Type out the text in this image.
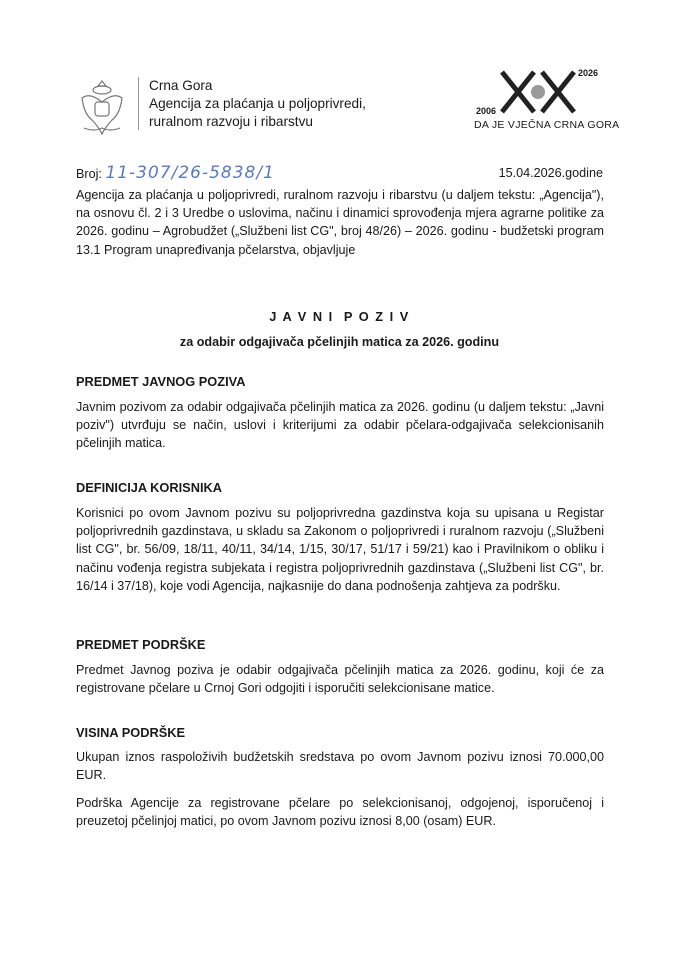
Crna Gora
Agencija za plaćanja u poljoprivredi,
ruralnom razvoju i ribarstvu
2026
2006
DA JE VJEČNA CRNA GORA
Broj: 11-307/26-5838/1	15.04.2026.godine
Agencija za plaćanja u poljoprivredi, ruralnom razvoju i ribarstvu (u daljem tekstu: „Agencija"), na osnovu čl. 2 i 3 Uredbe o uslovima, načinu i dinamici sprovođenja mjera agrarne politike za 2026. godinu – Agrobudžet („Službeni list CG", broj 48/26) – 2026. godinu - budžetski program 13.1 Program unapređivanja pčelarstva, objavljuje
J A V N I  P O Z I V
za odabir odgajivača pčelinjih matica za 2026. godinu
PREDMET JAVNOG POZIVA
Javnim pozivom za odabir odgajivača pčelinjih matica za 2026. godinu (u daljem tekstu: „Javni poziv") utvrđuju se način, uslovi i kriterijumi za odabir pčelara-odgajivača selekcionisanih pčelinjih matica.
DEFINICIJA KORISNIKA
Korisnici po ovom Javnom pozivu su poljoprivredna gazdinstva koja su upisana u Registar poljoprivrednih gazdinstava, u skladu sa Zakonom o poljoprivredi i ruralnom razvoju („Službeni list CG", br. 56/09, 18/11, 40/11, 34/14, 1/15, 30/17, 51/17 i 59/21) kao i Pravilnikom o obliku i načinu vođenja registra subjekata i registra poljoprivrednih gazdinstava („Službeni list CG", br. 16/14 i 37/18), koje vodi Agencija, najkasnije do dana podnošenja zahtjeva za podršku.
PREDMET PODRŠKE
Predmet Javnog poziva je odabir odgajivača pčelinjih matica za 2026. godinu, koji će za registrovane pčelare u Crnoj Gori odgojiti i isporučiti selekcionisane matice.
VISINA PODRŠKE
Ukupan iznos raspoloživih budžetskih sredstava po ovom Javnom pozivu iznosi 70.000,00 EUR.
Podrška Agencije za registrovane pčelare po selekcionisanoj, odgojenoj, isporučenoj i preuzetoj pčelinjoj matici, po ovom Javnom pozivu iznosi 8,00 (osam) EUR.
